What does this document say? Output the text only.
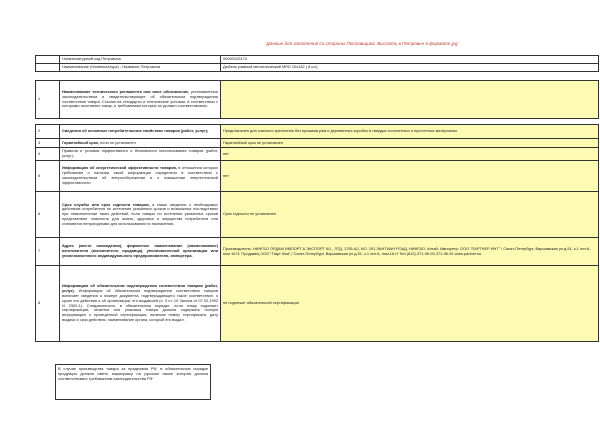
Данные для заполнения со стороны Поставщика. Выслать в Петрович в формате jpg
	Номенклатурный код Петровича	00000102474
	Наименование (Номенклатура) - Название Петровича	Дюбель рамный металлический MRD 10х182 ( 8 шт)
1	Наименование технического регламента или иное обозначение, установленное законодательством и свидетельствующее об обязательном подтверждении соответствия товара. Ссылки на стандарты и технические условия, в соответствии с которыми изготовлен товар, и требованиям которых он должен соответствовать	
2	Сведения об основных потребительских свойствах товаров (работ, услуг);	Предназначен для спасного крепления без прижима рам и деревянных коробок в твердых полнотелых и пустотелых материалах
3	Гарантийный срок, если он установлен	Гарантийный срок не установлен
4	Правила и условия эффективного и безопасного использования товаров (работ, услуг);	нет
5	Информацию об энергетической эффективности товаров, в отношении которых требование о наличии такой информации определено в соответствии с законодательством об энергосбережении и о повышении энергетической эффективности	нет
6	Срок службы или срок годности товаров, а также сведения о необходимых действиях потребителя по истечении указанных сроков и возможных последствиях при невыполнении таких действий, если товары по истечении указанных сроков представляют опасность для жизни, здоровья и имущества потребителя или становятся непригодными для использования по назначению.	Срок годности не установлен
7	Адрес (место нахождения), фирменное наименование (наименование) изготовителя (исполнителя, продавца), уполномоченной организации или уполномоченного индивидуального предпринимателя, импортера.	Производитель: НИНГБО ОРДАМ ИМПОРТ & ЭКСПОРТ КО., ЛТД, 1706-А2, NO. 201 ЛАНТИАН РОАД, НИНГБО, Китай; Импортер: ООО "ПАРТНЕР ИНТ" / Санкт-Петербург, Варшавская ул.д.51, к.1 лит.А, пом 16 Н; Продавец ООО "Парт Ком" / Санкт-Петербург, Варшавская ул.д.51, к.1 лит.А, пом.16 Н Тел.(812)-371-96-90,371-96-91 www.partner.su
8	Информацию об обязательном подтверждении соответствия товаров (работ, услуг). Информация об обязательном подтверждении соответствия товаров включает сведения о номере документа, подтверждающего такое соответствие, о сроке его действия и об организации, его выдавшей (п. 3 ст. 10 Закона от 07.02.1992 N 2300-1). Следовательно, в обязательном порядке, если товар подлежит сертификации, этикетка или упаковка товара должна содержать полную информацию о проведенной сертификации, включая номер сертификата, дату выдачи и срок действия, наименование органа, который его выдал.	не подлежит обязательной сертификации
В случае производства товара за пределами РФ, в обязательном порядке продукция должна иметь маркировку на русском языке которая должна соответствовать требованиям законодательства РФ
